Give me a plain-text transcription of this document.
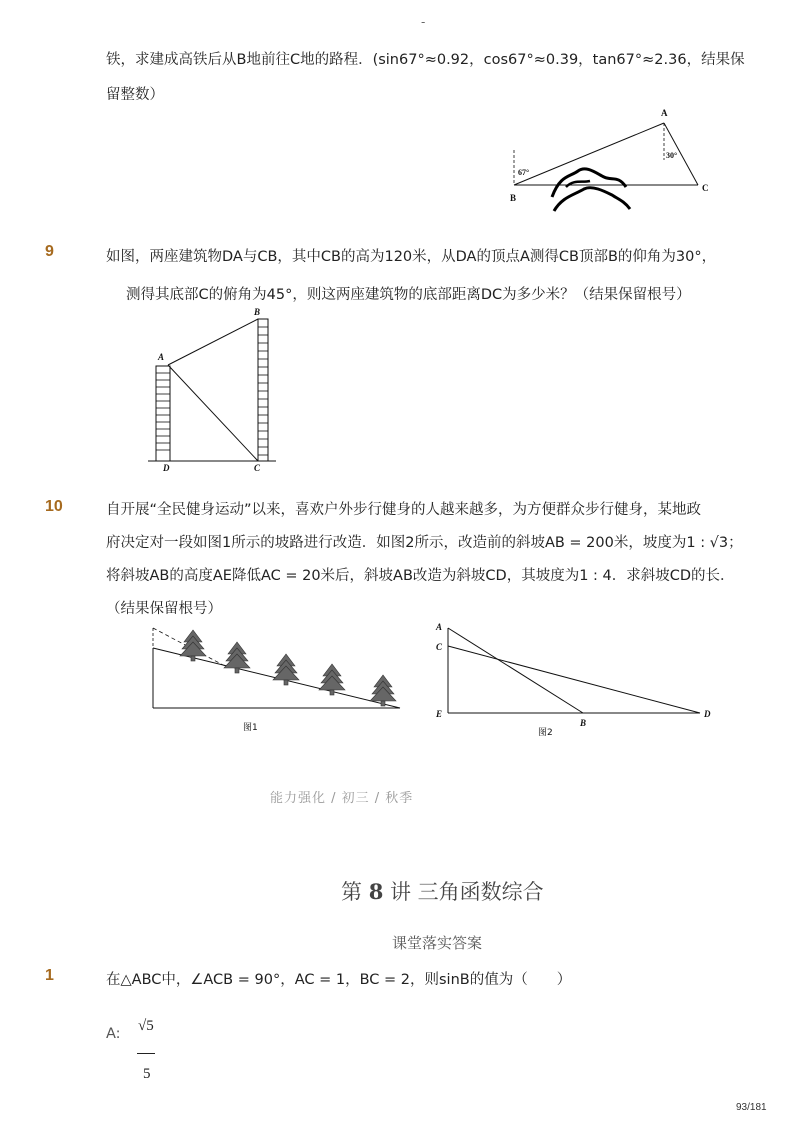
-
铁，求建成高铁后从B地前往C地的路程．(sin67°≈0.92，cos67°≈0.39，tan67°≈2.36，结果保
留整数）
A
B
C
67°
30°
9	如图，两座建筑物DA与CB，其中CB的高为120米，从DA的顶点A测得CB顶部B的仰角为30°，
测得其底部C的俯角为45°，则这两座建筑物的底部距离DC为多少米？（结果保留根号）
A
B
C
D
10	自开展“全民健身运动”以来，喜欢户外步行健身的人越来越多，为方便群众步行健身，某地政
府决定对一段如图1所示的坡路进行改造．如图2所示，改造前的斜坡AB = 200米，坡度为1 : √3；
将斜坡AB的高度AE降低AC = 20米后，斜坡AB改造为斜坡CD，其坡度为1 : 4．求斜坡CD的长．
（结果保留根号）
图1
A
C
E
B
D
图2
能力强化 / 初三 / 秋季
第 8 讲 三角函数综合
课堂落实答案
1	在△ABC中，∠ACB = 90°，AC = 1，BC = 2，则sinB的值为（　　）
A: √5
5
93/181
